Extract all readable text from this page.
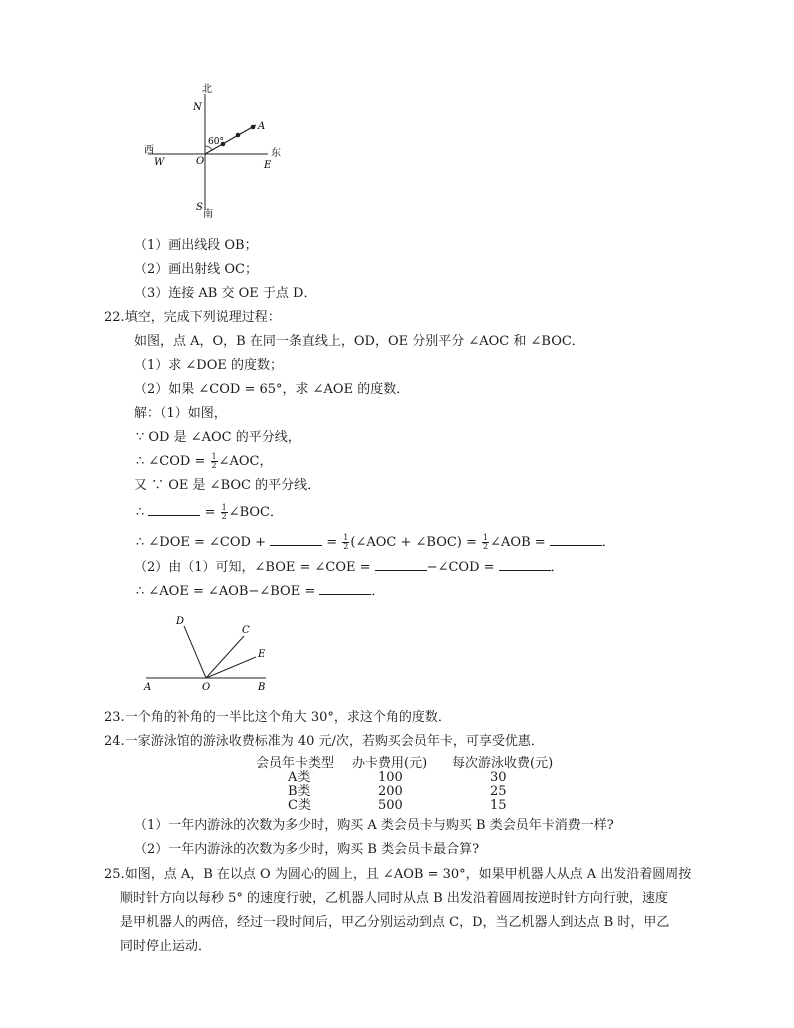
北
N
60°
A
西
W	O
东
E
S
南
（1）画出线段 OB；
（2）画出射线 OC；
（3）连接 AB 交 OE 于点 D．
22.填空，完成下列说理过程：
如图，点 A，O，B 在同一条直线上，OD，OE 分别平分 ∠AOC 和 ∠BOC．
（1）求 ∠DOE 的度数；
（2）如果 ∠COD = 65°，求 ∠AOE 的度数．
解：（1）如图，
∵ OD 是 ∠AOC 的平分线，
∴ ∠COD = $\frac{1}{2}$ ∠AOC，
又 ∵ OE 是 ∠BOC 的平分线．
∴	= $\frac{1}{2}$ ∠BOC．
∴ ∠DOE = ∠COD +	= $\frac{1}{2}$ (∠AOC + ∠BOC) = $\frac{1}{2}$ ∠AOB =	．
（2）由（1）可知，∠BOE = ∠COE =	−∠COD =	．
∴ ∠AOE = ∠AOB−∠BOE =	．
D
C
E
A	O	B
23.一个角的补角的一半比这个角大 30°，求这个角的度数．
24.一家游泳馆的游泳收费标准为 40 元/次，若购买会员年卡，可享受优惠．
会员年卡类型	办卡费用(元)	每次游泳收费(元)
A类	100	30
B类	200	25
C类	500	15
（1）一年内游泳的次数为多少时，购买 A 类会员卡与购买 B 类会员年卡消费一样?
（2）一年内游泳的次数为多少时，购买 B 类会员卡最合算?
25.如图，点 A，B 在以点 O 为圆心的圆上，且 ∠AOB = 30°，如果甲机器人从点 A 出发沿着圆周按
顺时针方向以每秒 5° 的速度行驶，乙机器人同时从点 B 出发沿着圆周按逆时针方向行驶，速度
是甲机器人的两倍，经过一段时间后，甲乙分别运动到点 C，D，当乙机器人到达点 B 时，甲乙
同时停止运动．
